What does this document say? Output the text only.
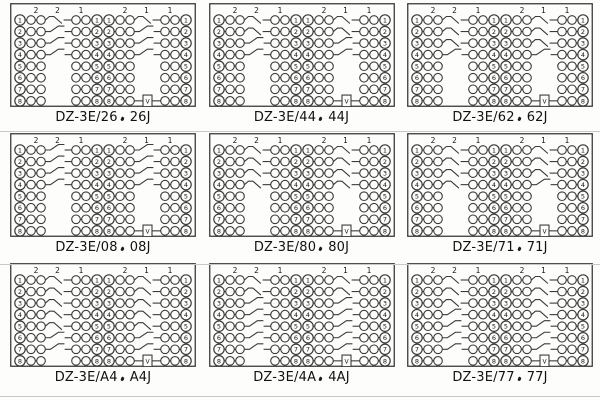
2 2 1
1	1
2	2
3	3
4	4
5	5
6	6
7	7
8	8
2 1 1
1	1
2	2
3	3
4	4
5	5
6	6
7	7
V
8	8
DZ-3E/26 26J
2 2 1
1	1
2	2
3	3
4	4
5	5
6	6
7	7
8	8
2 1 1
1	1
2	2
3	3
4	4
5	5
6	6
7	7
V
8	8
DZ-3E/44 44J
2 2 1
1	1
2	2
3	3
4	4
5	5
6	6
7	7
8	8
2 1 1
1	1
2	2
3	3
4	4
5	5
6	6
7	7
V
8	8
DZ-3E/62 62J
2 2 1
1	1
2	2
3	3
4	4
5	5
6	6
7	7
8	8
2 1 1
1	1
2	2
3	3
4	4
5	5
6	6
7	7
V
8	8
DZ-3E/08 08J
2 2 1
1	1
2	2
3	3
4	4
5	5
6	6
7	7
8	8
2 1 1
1	1
2	2
3	3
4	4
5	5
6	6
7	7
V
8	8
DZ-3E/80 80J
2 2 1
1	1
2	2
3	3
4	4
5	5
6	6
7	7
8	8
2 1 1
1	1
2	2
3	3
4	4
5	5
6	6
7	7
V
8	8
DZ-3E/71 71J
2 2 1
1	1
2	2
3	3
4	4
5	5
6	6
7	7
8	8
2 1 1
1	1
2	2
3	3
4	4
5	5
6	6
7	7
V
8	8
DZ-3E/A4 A4J
2 2 1
1	1
2	2
3	3
4	4
5	5
6	6
7	7
8	8
2 1 1
1	1
2	2
3	3
4	4
5	5
6	6
7	7
V
8	8
DZ-3E/4A 4AJ
2 2 1
1	1
2	2
3	3
4	4
5	5
6	6
7	7
8	8
2 1 1
1	1
2	2
3	3
4	4
5	5
6	6
7	7
V
8	8
DZ-3E/77 77J
